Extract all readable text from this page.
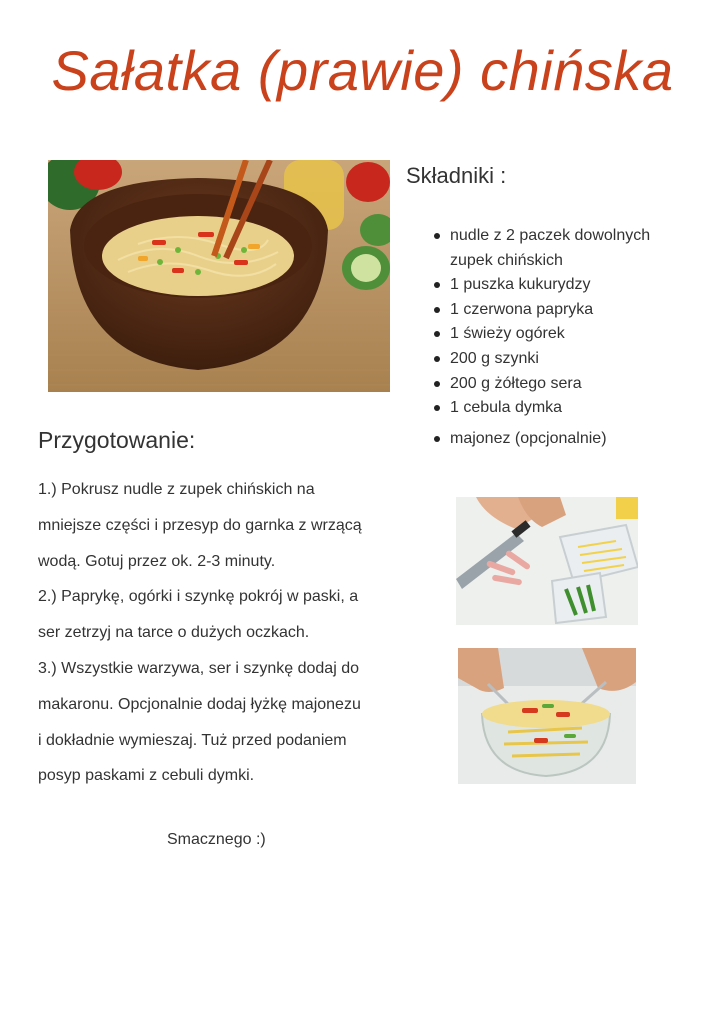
Sałatka (prawie) chińska
Składniki :
nudle z 2 paczek dowolnych zupek chińskich
1 puszka kukurydzy
1 czerwona papryka
1 świeży ogórek
200 g szynki
200 g żółtego sera
1 cebula dymka
majonez (opcjonalnie)
Przygotowanie:

1.) Pokrusz nudle z zupek chińskich na

mniejsze części i przesyp do garnka z wrzącą

wodą. Gotuj przez ok. 2-3 minuty.

2.) Paprykę, ogórki i szynkę pokrój w paski, a

ser zetrzyj na tarce o dużych oczkach.

3.) Wszystkie warzywa, ser i szynkę dodaj do

makaronu. Opcjonalnie dodaj łyżkę majonezu

i dokładnie wymieszaj. Tuż przed podaniem

posyp paskami z cebuli dymki.

Smacznego :)
